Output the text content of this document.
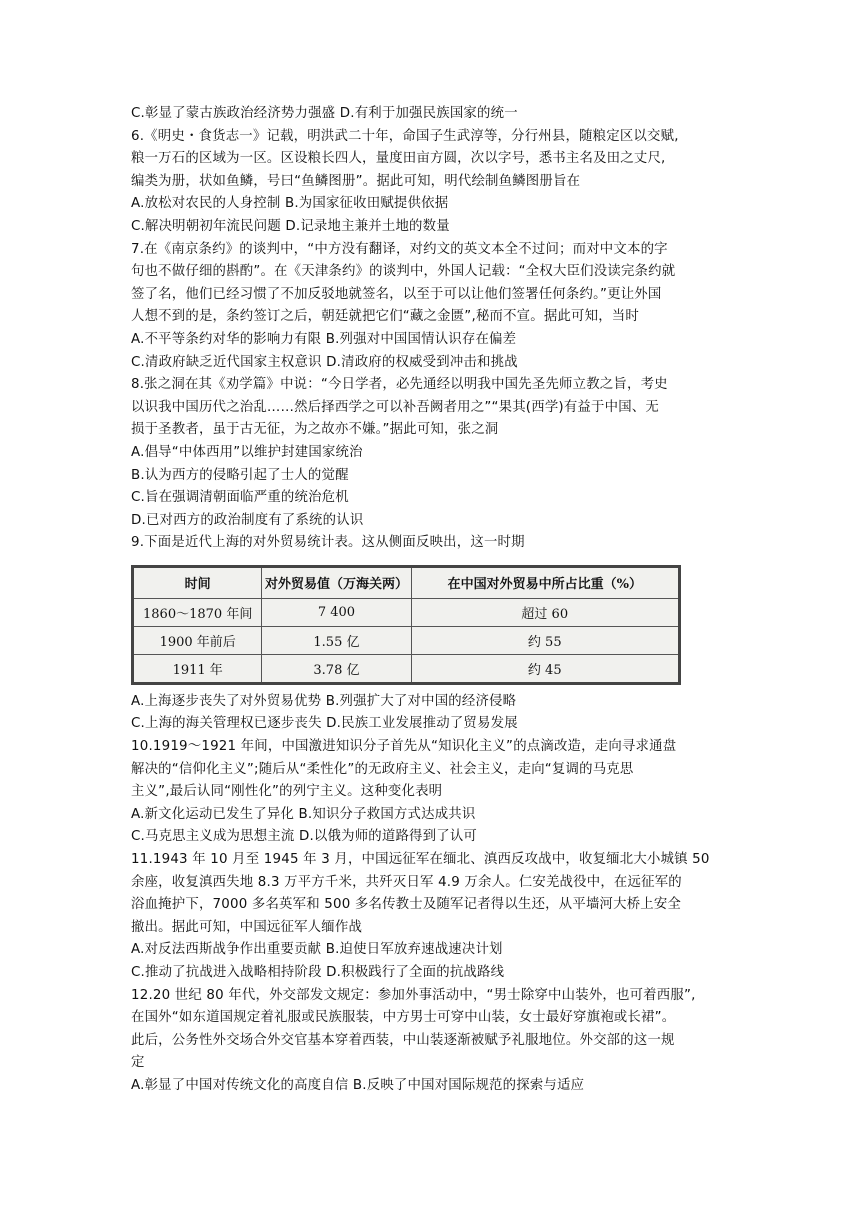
C.彰显了蒙古族政治经济势力强盛 D.有利于加强民族国家的统一
6.《明史・食货志一》记载，明洪武二十年，命国子生武淳等，分行州县，随粮定区以交赋,
粮一万石的区域为一区。区设粮长四人，量度田亩方圆，次以字号，悉书主名及田之丈尺,
编类为册，状如鱼鳞，号曰“鱼鳞图册”。据此可知，明代绘制鱼鳞图册旨在
A.放松对农民的人身控制 B.为国家征收田赋提供依据
C.解决明朝初年流民问题 D.记录地主兼并土地的数量
7.在《南京条约》的谈判中，“中方没有翻译，对约文的英文本全不过问；而对中文本的字
句也不做仔细的斟酌”。在《天津条约》的谈判中，外国人记载：“全权大臣们没读完条约就
签了名，他们已经习惯了不加反驳地就签名，以至于可以让他们签署任何条约。”更让外国
人想不到的是，条约签订之后，朝廷就把它们“藏之金匮”,秘而不宣。据此可知，当时
A.不平等条约对华的影响力有限 B.列强对中国国情认识存在偏差
C.清政府缺乏近代国家主权意识 D.清政府的权威受到冲击和挑战
8.张之洞在其《劝学篇》中说：“今日学者，必先通经以明我中国先圣先师立教之旨，考史
以识我中国历代之治乱……然后择西学之可以补吾阙者用之”“果其(西学)有益于中国、无
损于圣教者，虽于古无征，为之故亦不嫌。”据此可知，张之洞
A.倡导“中体西用”以维护封建国家统治
B.认为西方的侵略引起了士人的觉醒
C.旨在强调清朝面临严重的统治危机
D.已对西方的政治制度有了系统的认识
9.下面是近代上海的对外贸易统计表。这从侧面反映出，这一时期
时间	对外贸易值（万海关两）	在中国对外贸易中所占比重（%）
1860～1870 年间	7 400	超过 60
1900 年前后	1.55 亿	约 55
1911 年	3.78 亿	约 45
A.上海逐步丧失了对外贸易优势 B.列强扩大了对中国的经济侵略
C.上海的海关管理权已逐步丧失 D.民族工业发展推动了贸易发展
10.1919～1921 年间，中国激进知识分子首先从“知识化主义”的点滴改造，走向寻求通盘
解决的“信仰化主义”;随后从“柔性化”的无政府主义、社会主义，走向“复调的马克思
主义”,最后认同“刚性化”的列宁主义。这种变化表明
A.新文化运动已发生了异化 B.知识分子救国方式达成共识
C.马克思主义成为思想主流 D.以俄为师的道路得到了认可
11.1943 年 10 月至 1945 年 3 月，中国远征军在缅北、滇西反攻战中，收复缅北大小城镇 50
余座，收复滇西失地 8.3 万平方千米，共歼灭日军 4.9 万余人。仁安羌战役中，在远征军的
浴血掩护下，7000 多名英军和 500 多名传教士及随军记者得以生还，从平墙河大桥上安全
撤出。据此可知，中国远征军人缅作战
A.对反法西斯战争作出重要贡献 B.迫使日军放弃速战速决计划
C.推动了抗战进入战略相持阶段 D.积极践行了全面的抗战路线
12.20 世纪 80 年代，外交部发文规定：参加外事活动中，“男士除穿中山装外，也可着西服”,
在国外“如东道国规定着礼服或民族服装，中方男士可穿中山装，女士最好穿旗袍或长裙”。
此后，公务性外交场合外交官基本穿着西装，中山装逐渐被赋予礼服地位。外交部的这一规
定
A.彰显了中国对传统文化的高度自信 B.反映了中国对国际规范的探索与适应
